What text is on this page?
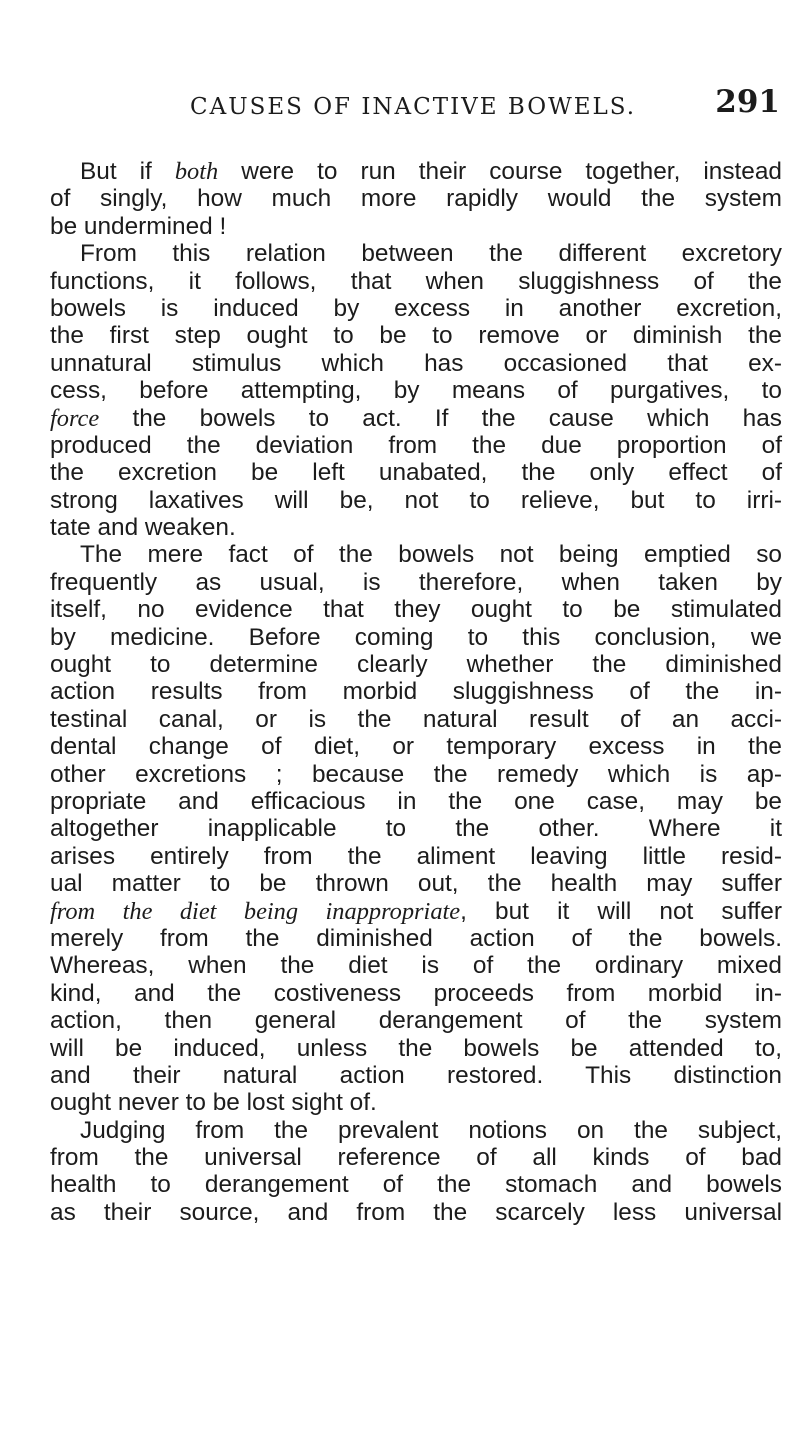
CAUSES OF INACTIVE BOWELS.	291
But if both were to run their course together, instead
of singly, how much more rapidly would the system
be undermined !
From this relation between the different excretory
functions, it follows, that when sluggishness of the
bowels is induced by excess in another excretion,
the first step ought to be to remove or diminish the
unnatural stimulus which has occasioned that ex-
cess, before attempting, by means of purgatives, to
force the bowels to act. If the cause which has
produced the deviation from the due proportion of
the excretion be left unabated, the only effect of
strong laxatives will be, not to relieve, but to irri-
tate and weaken.
The mere fact of the bowels not being emptied so
frequently as usual, is therefore, when taken by
itself, no evidence that they ought to be stimulated
by medicine. Before coming to this conclusion, we
ought to determine clearly whether the diminished
action results from morbid sluggishness of the in-
testinal canal, or is the natural result of an acci-
dental change of diet, or temporary excess in the
other excretions ; because the remedy which is ap-
propriate and efficacious in the one case, may be
altogether inapplicable to the other. Where it
arises entirely from the aliment leaving little resid-
ual matter to be thrown out, the health may suffer
from the diet being inappropriate, but it will not suffer
merely from the diminished action of the bowels.
Whereas, when the diet is of the ordinary mixed
kind, and the costiveness proceeds from morbid in-
action, then general derangement of the system
will be induced, unless the bowels be attended to,
and their natural action restored. This distinction
ought never to be lost sight of.
Judging from the prevalent notions on the subject,
from the universal reference of all kinds of bad
health to derangement of the stomach and bowels
as their source, and from the scarcely less universal
